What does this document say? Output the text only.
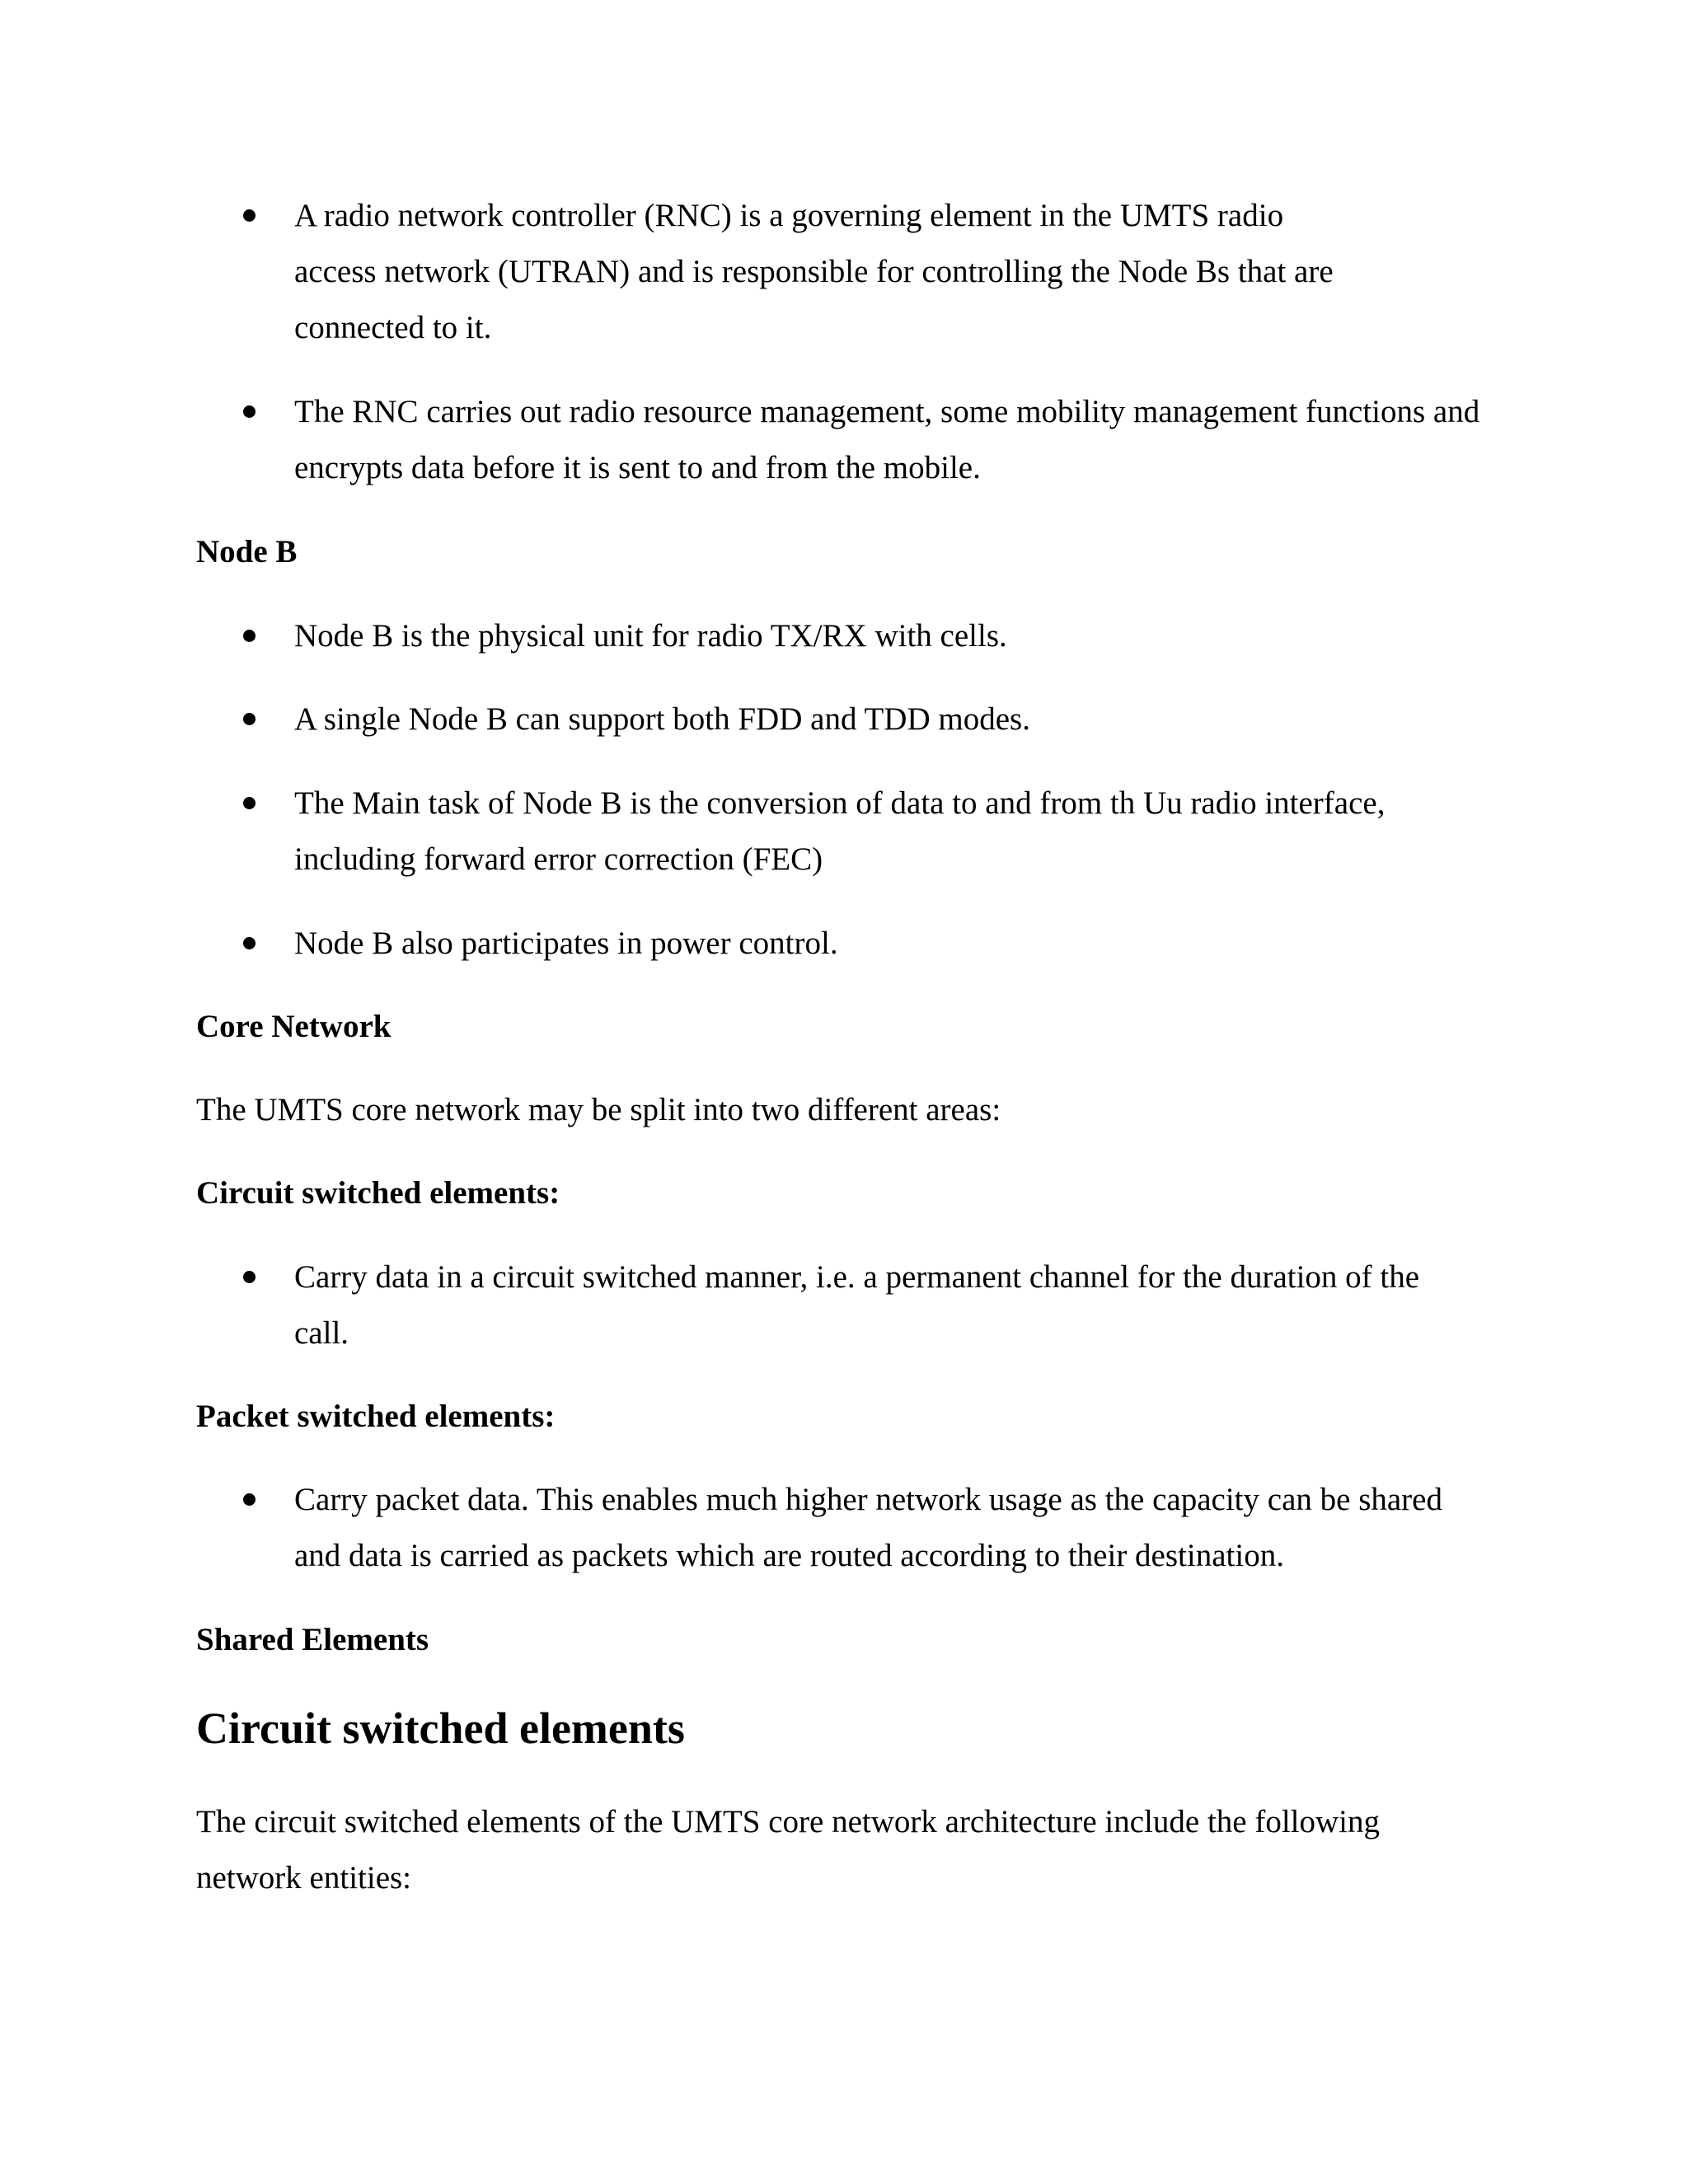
A radio network controller (RNC) is a governing element in the UMTS radio access network (UTRAN) and is responsible for controlling the Node Bs that are connected to it.
The RNC carries out radio resource management, some mobility management functions and encrypts data before it is sent to and from the mobile.
Node B
Node B is the physical unit for radio TX/RX with cells.
A single Node B can support both FDD and TDD modes.
The Main task of Node B is the conversion of data to and from th Uu radio interface, including forward error correction (FEC)
Node B also participates in power control.
Core Network

The UMTS core network may be split into two different areas:

Circuit switched elements:
Carry data in a circuit switched manner, i.e. a permanent channel for the duration of the call.
Packet switched elements:
Carry packet data. This enables much higher network usage as the capacity can be shared and data is carried as packets which are routed according to their destination.
Shared Elements
Circuit switched elements

The circuit switched elements of the UMTS core network architecture include the following network entities:
